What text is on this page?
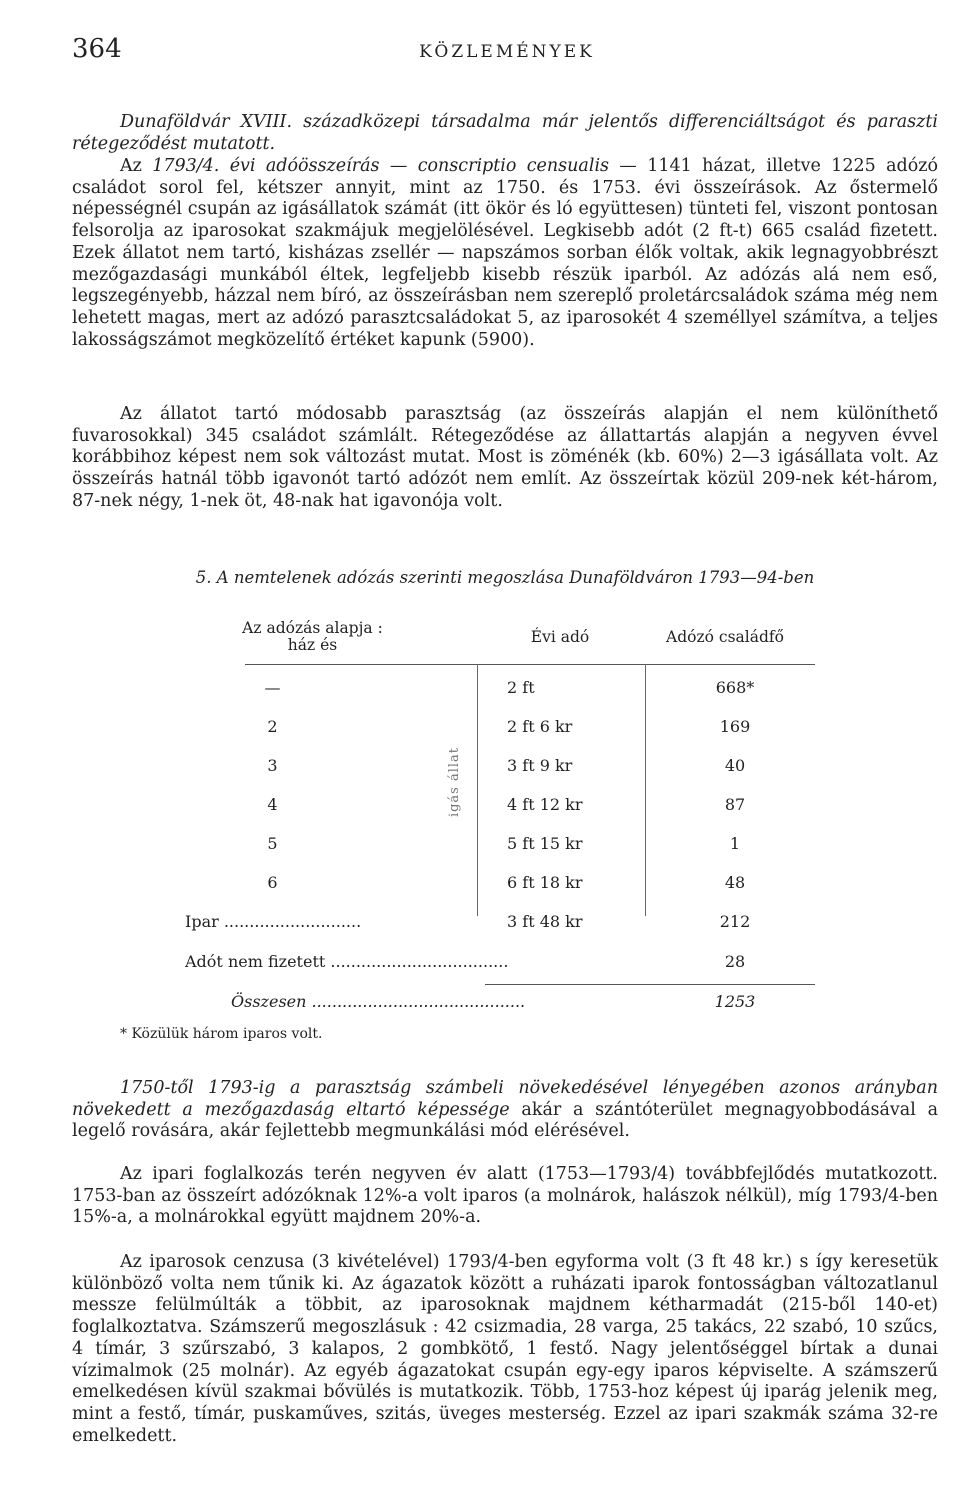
364	KÖZLEMÉNYEK

Dunaföldvár XVIII. századközepi társadalma már jelentős differenciáltságot és paraszti rétegeződést mutatott.

Az 1793/4. évi adóösszeírás — conscriptio censualis — 1141 házat, illetve 1225 adózó családot sorol fel, kétszer annyit, mint az 1750. és 1753. évi összeírások. Az őstermelő népességnél csupán az igásállatok számát (itt ökör és ló együttesen) tünteti fel, viszont pontosan felsorolja az iparosokat szakmájuk megjelölésével. Legkisebb adót (2 ft-t) 665 család fizetett. Ezek állatot nem tartó, kisházas zsellér — napszámos sorban élők voltak, akik legnagyobbrészt mezőgazdasági munkából éltek, legfeljebb kisebb részük iparból. Az adózás alá nem eső, legszegényebb, házzal nem bíró, az összeírásban nem szereplő proletárcsaládok száma még nem lehetett magas, mert az adózó parasztcsaládokat 5, az iparosokét 4 személlyel számítva, a teljes lakosságszámot megközelítő értéket kapunk (5900).

Az állatot tartó módosabb parasztság (az összeírás alapján el nem különíthető fuvarosokkal) 345 családot számlált. Rétegeződése az állattartás alapján a negyven évvel korábbihoz képest nem sok változást mutat. Most is zöménék (kb. 60%) 2—3 igásállata volt. Az összeírás hatnál több igavonót tartó adózót nem említ. Az összeírtak közül 209-nek két-három, 87-nek négy, 1-nek öt, 48-nak hat igavonója volt.

5. A nemtelenek adózás szerinti megoszlása Dunaföldváron 1793—94-ben
Az adózás alapja :
ház és	Évi adó	Adózó családfő
igás állat
—	2 ft	668*
2	2 ft 6 kr	169
3	3 ft 9 kr	40
4	4 ft 12 kr	87
5	5 ft 15 kr	1
6	6 ft 18 kr	48
Ipar ...........................	3 ft 48 kr	212
Adót nem fizetett ...................................	28
Összesen ..........................................	1253
* Közülük három iparos volt.

1750-től 1793-ig a parasztság számbeli növekedésével lényegében azonos arányban növekedett a mezőgazdaság eltartó képessége akár a szántóterület megnagyobbodásával a legelő rovására, akár fejlettebb megmunkálási mód elérésével.

Az ipari foglalkozás terén negyven év alatt (1753—1793/4) továbbfejlődés mutatkozott. 1753-ban az összeírt adózóknak 12%-a volt iparos (a molnárok, halászok nélkül), míg 1793/4-ben 15%-a, a molnárokkal együtt majdnem 20%-a.

Az iparosok cenzusa (3 kivételével) 1793/4-ben egyforma volt (3 ft 48 kr.) s így keresetük különböző volta nem tűnik ki. Az ágazatok között a ruházati iparok fontosságban változatlanul messze felülmúlták a többit, az iparosoknak majdnem kétharmadát (215-ből 140-et) foglalkoztatva. Számszerű megoszlásuk : 42 csizmadia, 28 varga, 25 takács, 22 szabó, 10 szűcs, 4 tímár, 3 szűrszabó, 3 kalapos, 2 gombkötő, 1 festő. Nagy jelentőséggel bírtak a dunai vízimalmok (25 molnár). Az egyéb ágazatokat csupán egy-egy iparos képviselte. A számszerű emelkedésen kívül szakmai bővülés is mutatkozik. Több, 1753-hoz képest új iparág jelenik meg, mint a festő, tímár, puskaműves, szitás, üveges mesterség. Ezzel az ipari szakmák száma 32-re emelkedett.
